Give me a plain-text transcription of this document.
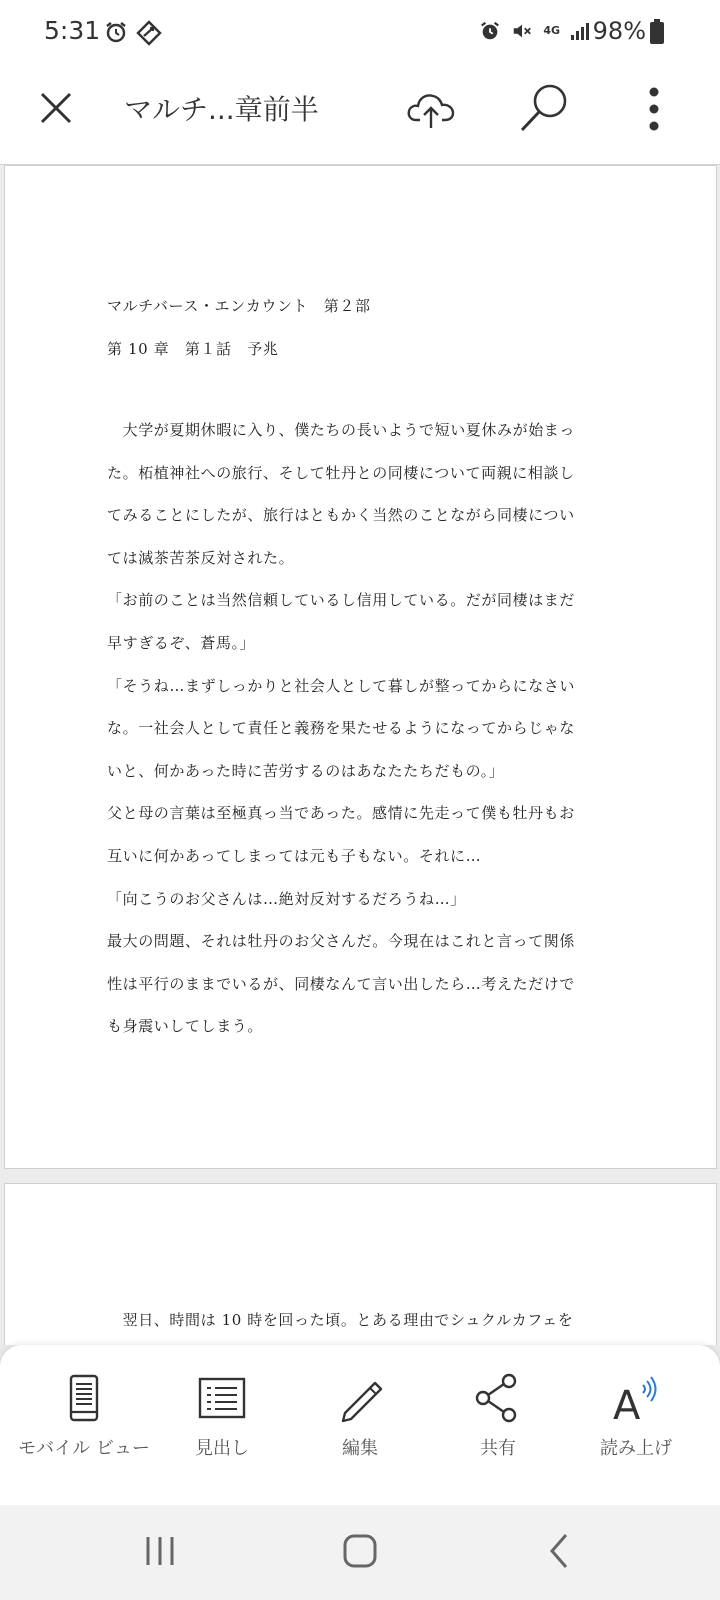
5:31	4G 98%
マルチ...章前半

マルチバース・エンカウント　第２部

第 10 章　第１話　予兆

　大学が夏期休暇に入り、僕たちの長いようで短い夏休みが始まっ

た。柘植神社への旅行、そして牡丹との同棲について両親に相談し

てみることにしたが、旅行はともかく当然のことながら同棲につい

ては滅茶苦茶反対された。

「お前のことは当然信頼しているし信用している。だが同棲はまだ

早すぎるぞ、蒼馬。」

「そうね…まずしっかりと社会人として暮しが整ってからになさい

な。一社会人として責任と義務を果たせるようになってからじゃな

いと、何かあった時に苦労するのはあなたたちだもの。」

父と母の言葉は至極真っ当であった。感情に先走って僕も牡丹もお

互いに何かあってしまっては元も子もない。それに…

「向こうのお父さんは…絶対反対するだろうね…」

最大の問題、それは牡丹のお父さんだ。今現在はこれと言って関係

性は平行のままでいるが、同棲なんて言い出したら…考えただけで

も身震いしてしまう。

　翌日、時間は 10 時を回った頃。とある理由でシュクルカフェを

モバイル ビュー	見出し	編集	共有
A
読み上げ
